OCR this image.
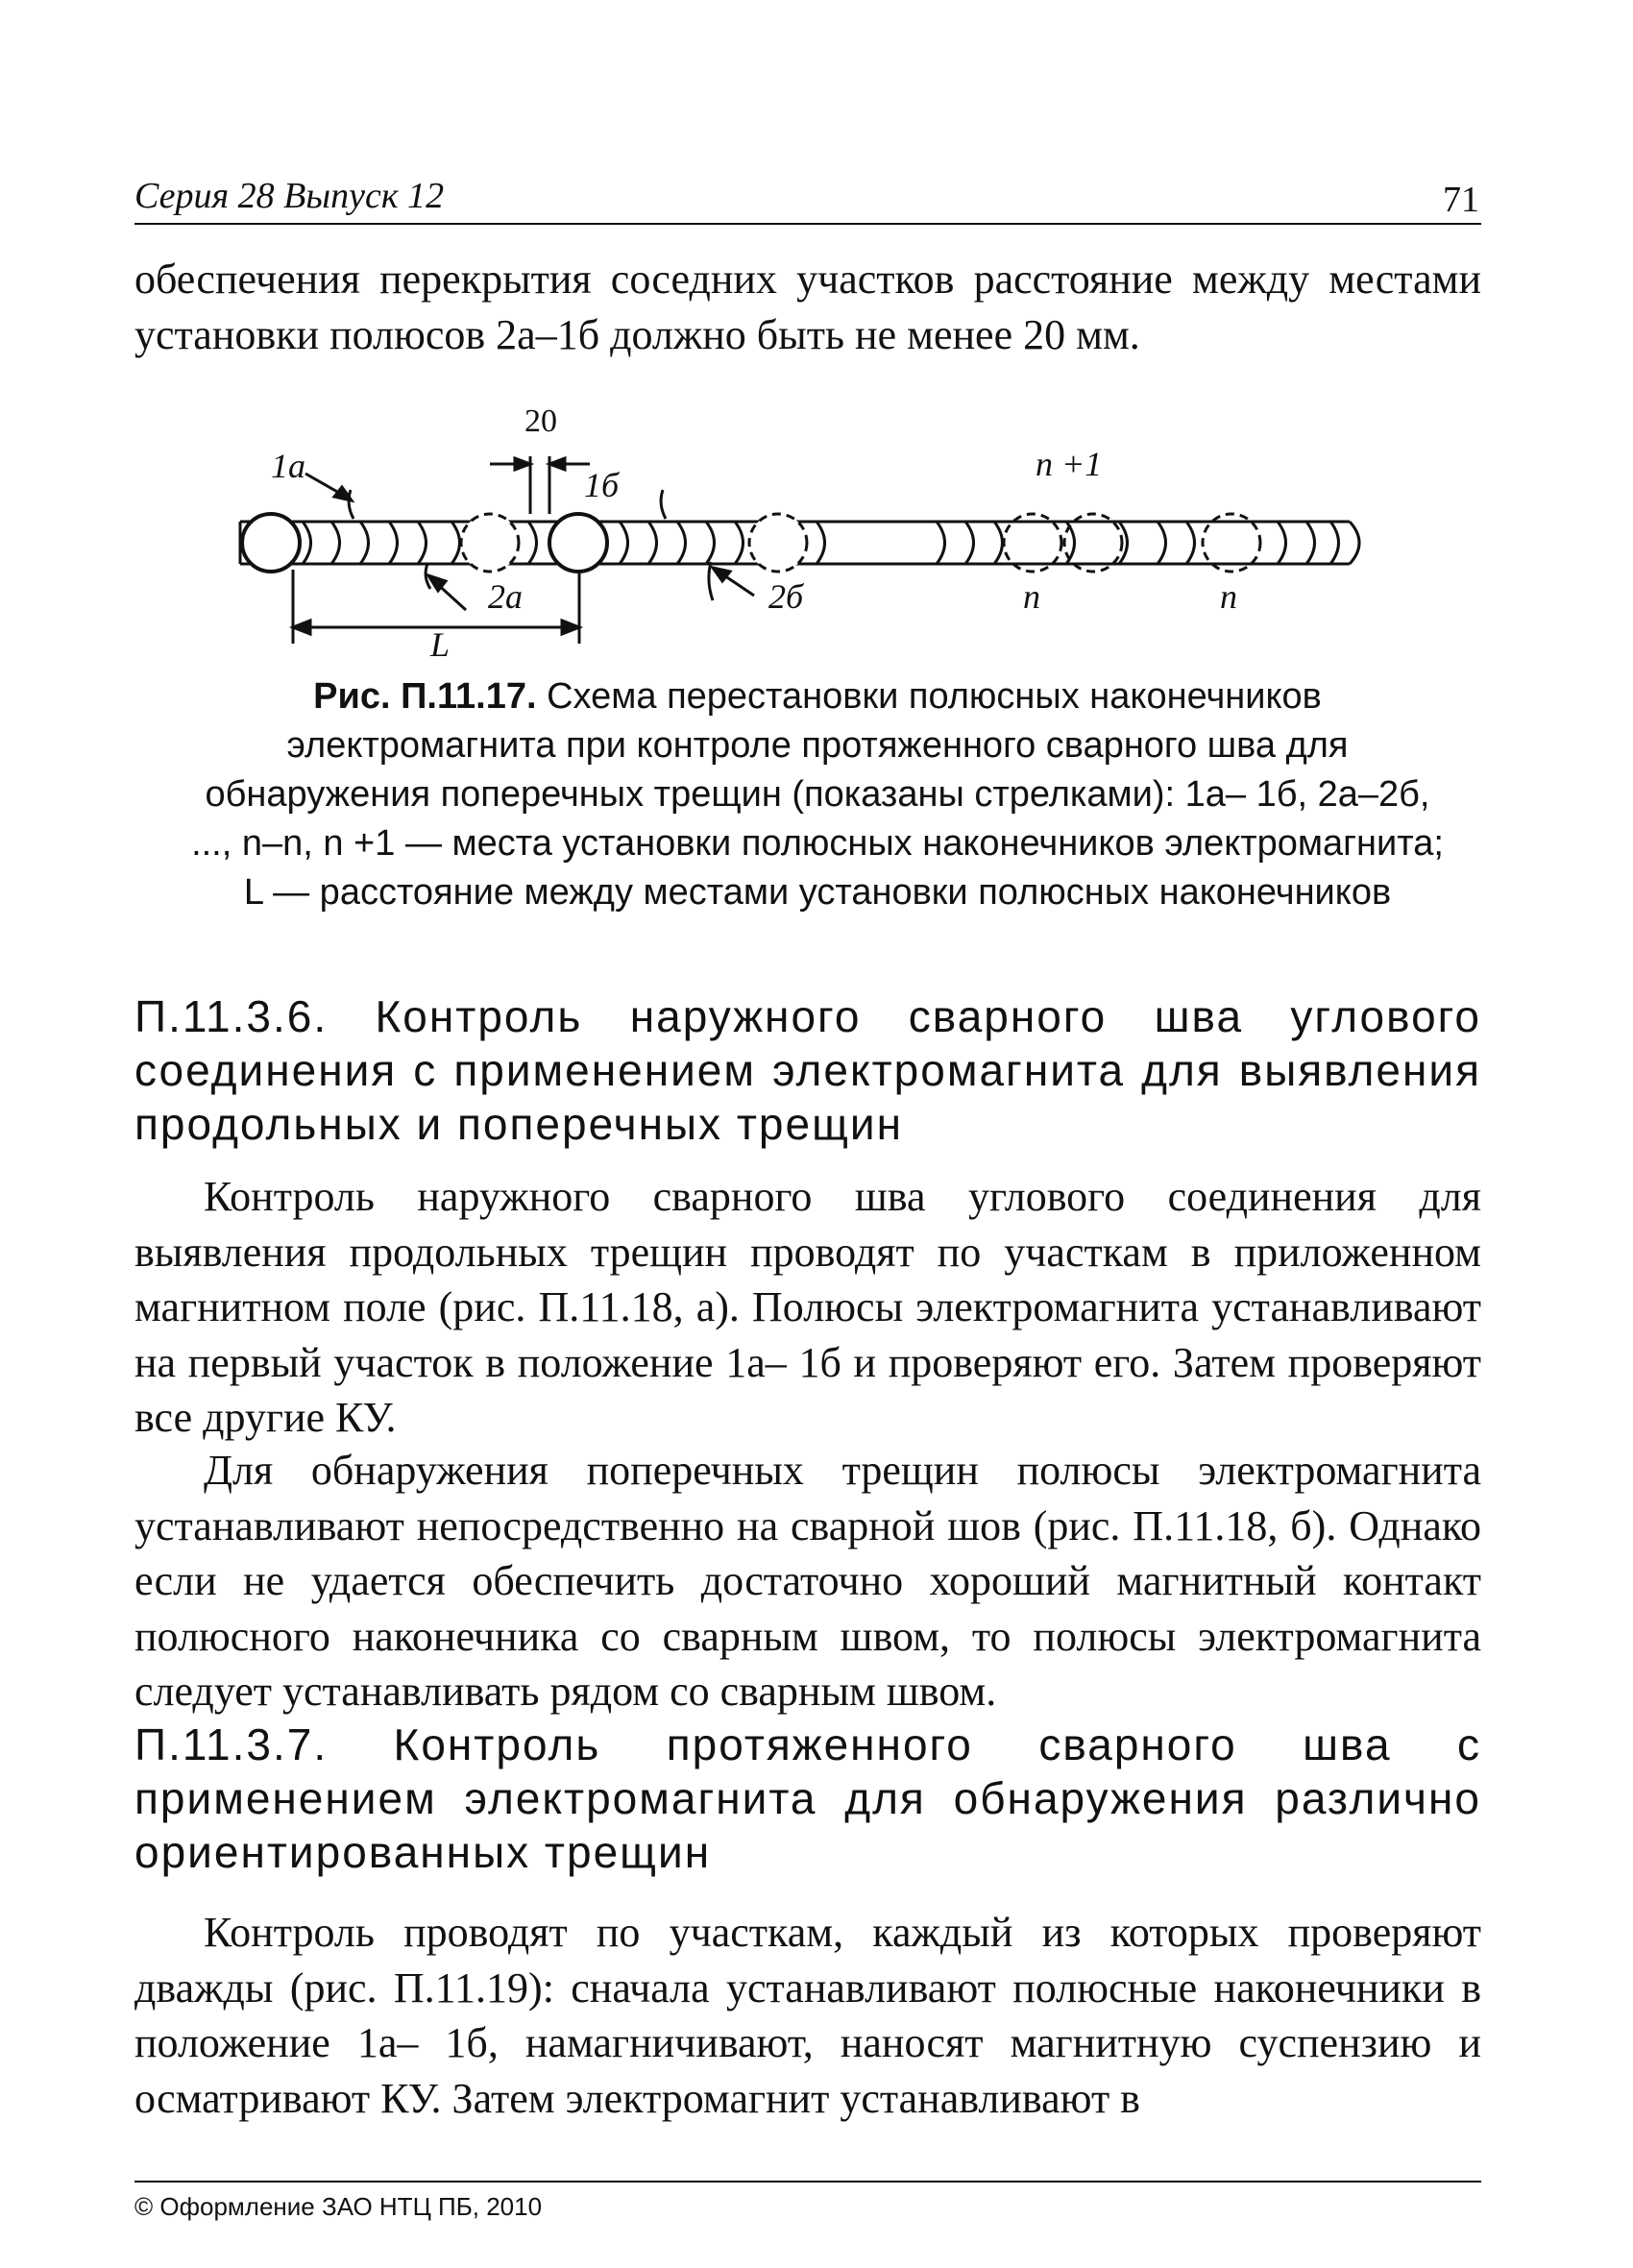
Серия 28 Выпуск 12	71

обеспечения перекрытия соседних участков расстояние между местами установки полюсов 2а–1б должно быть не менее 20 мм.

20
1а	1б
n +1
2а	2б	n	n
L
Рис. П.11.17. Схема перестановки полюсных наконечников электромагнита при контроле протяженного сварного шва для обнаружения поперечных трещин (показаны стрелками): 1а– 1б, 2а–2б, ..., n–n, n +1 — места установки полюсных наконечников электромагнита; L — расстояние между местами установки полюсных наконечников
П.11.3.6. Контроль наружного сварного шва углового соединения с применением электромагнита для выявления продольных и поперечных трещин

Контроль наружного сварного шва углового соединения для выявления продольных трещин проводят по участкам в приложенном магнитном поле (рис. П.11.18, а). Полюсы электромагнита устанавливают на первый участок в положение 1а– 1б и проверяют его. Затем проверяют все другие КУ.

Для обнаружения поперечных трещин полюсы электромагнита устанавливают непосредственно на сварной шов (рис. П.11.18, б). Однако если не удается обеспечить достаточно хороший магнитный контакт полюсного наконечника со сварным швом, то полюсы электромагнита следует устанавливать рядом со сварным швом.

П.11.3.7. Контроль протяженного сварного шва с применением электромагнита для обнаружения различно ориентированных трещин

Контроль проводят по участкам, каждый из которых проверяют дважды (рис. П.11.19): сначала устанавливают полюсные наконечники в положение 1а– 1б, намагничивают, наносят магнитную суспензию и осматривают КУ. Затем электромагнит устанавливают в

© Оформление ЗАО НТЦ ПБ, 2010
